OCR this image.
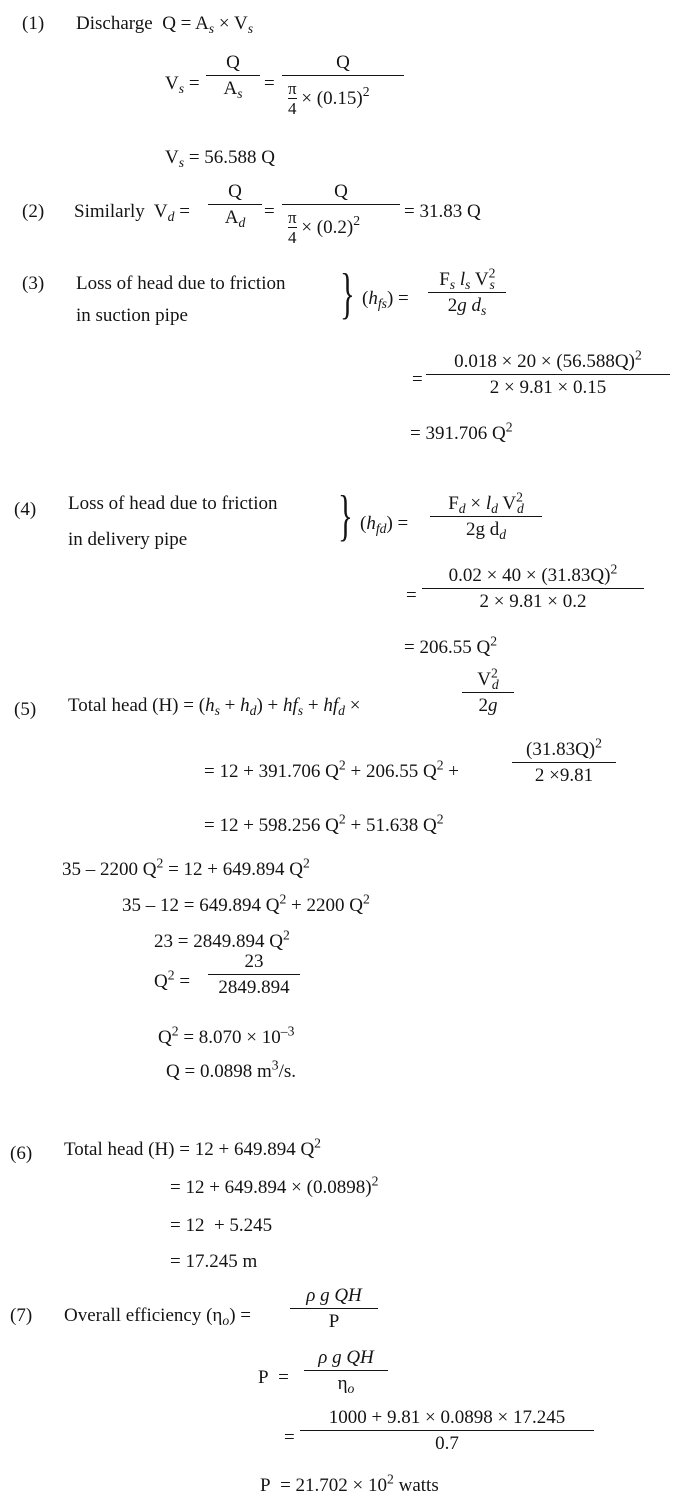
(1) Discharge  $Q = A_s \times V_s$
$V_s = \frac{Q}{A_s}$ =
Q
π
$4 \times (0.15)^2$
$V_s = 56.588$ Q
(2) Similarly  $V_d = \frac{Q}{A_d}$ =
Q
π
$4 \times (0.2)^2$	= 31.83 Q
(3) Loss of head due to friction
in suction pipe	} $(h_{fs}) = \frac{F_s l_s V^2_s}{2g d_s}$
= $\frac{0.018 \times 20 \times (56.588Q)^2}{2 \times 9.81 \times 0.15}$
= 391.706 $Q^2$
(4) Loss of head due to friction
in delivery pipe	} $(h_{fd}) = \frac{F_d \times l_d V^2_d}{2g d_d}$
= $\frac{0.02 \times 40 \times (31.83Q)^2}{2 \times 9.81 \times 0.2}$
= 206.55 $Q^2$
(5) Total head $(H) = (h_s + h_d) + hf_s + hf_d$ ×	$\frac{V^2_d}{2g}$
= 12 + 391.706 $Q^2 + 206.55$ $Q^2$ +	$\frac{(31.83Q)^2}{2 \times 9.81}$
= 12 + 598.256 $Q^2 + 51.638$ $Q^2$
35 – 2200 $Q^2 = 12 + 649.894$ $Q^2$
35 – 12 = 649.894 $Q^2 + 2200$ $Q^2$
23 = 2849.894 $Q^2$
$Q^2 = \frac{23}{2849.894}$
$Q^2 = 8.070 \times 10^{-3}$
Q = 0.0898 $m^3/s$.
(6) Total head (H) = 12 + 649.894 $Q^2$
= $12 + 649.894 \times (0.0898)^2$
= 12  + 5.245
= 17.245 m
(7) Overall efficiency $(\eta_o) = \frac{\text{ρ g QH}}{P}$
$P = \frac{\text{ρ g QH}}{\eta_o}$
= $\frac{1000 + 9.81 \times 0.0898 \times 17.245}{0.7}$
$P = 21.702 \times 10^2$ watts
